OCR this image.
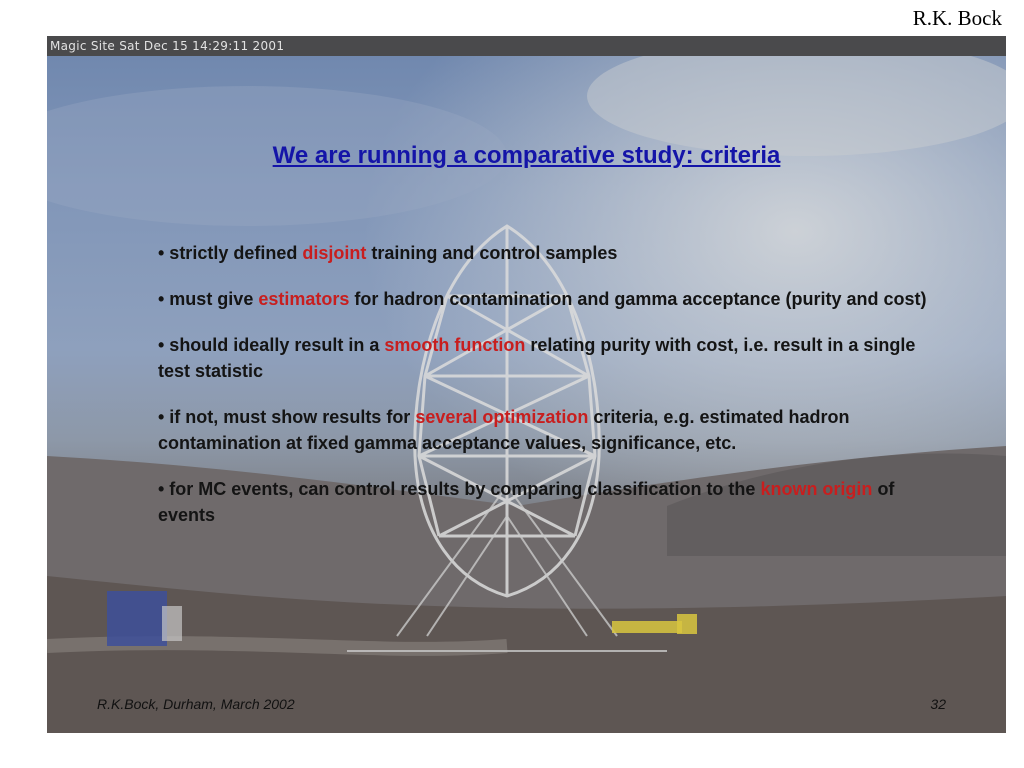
R.K. Bock
Magic Site Sat Dec 15 14:29:11 2001
We are running a comparative study: criteria

• strictly defined disjoint training and control samples

• must give estimators for hadron contamination and gamma acceptance (purity and cost)

• should ideally result in a smooth function relating purity with cost, i.e. result in a single test statistic

• if not, must show results for several optimization criteria, e.g. estimated hadron contamination at fixed gamma acceptance values, significance, etc.

• for MC events, can control results by comparing classification to the known origin of events

R.K.Bock, Durham, March 2002	32
